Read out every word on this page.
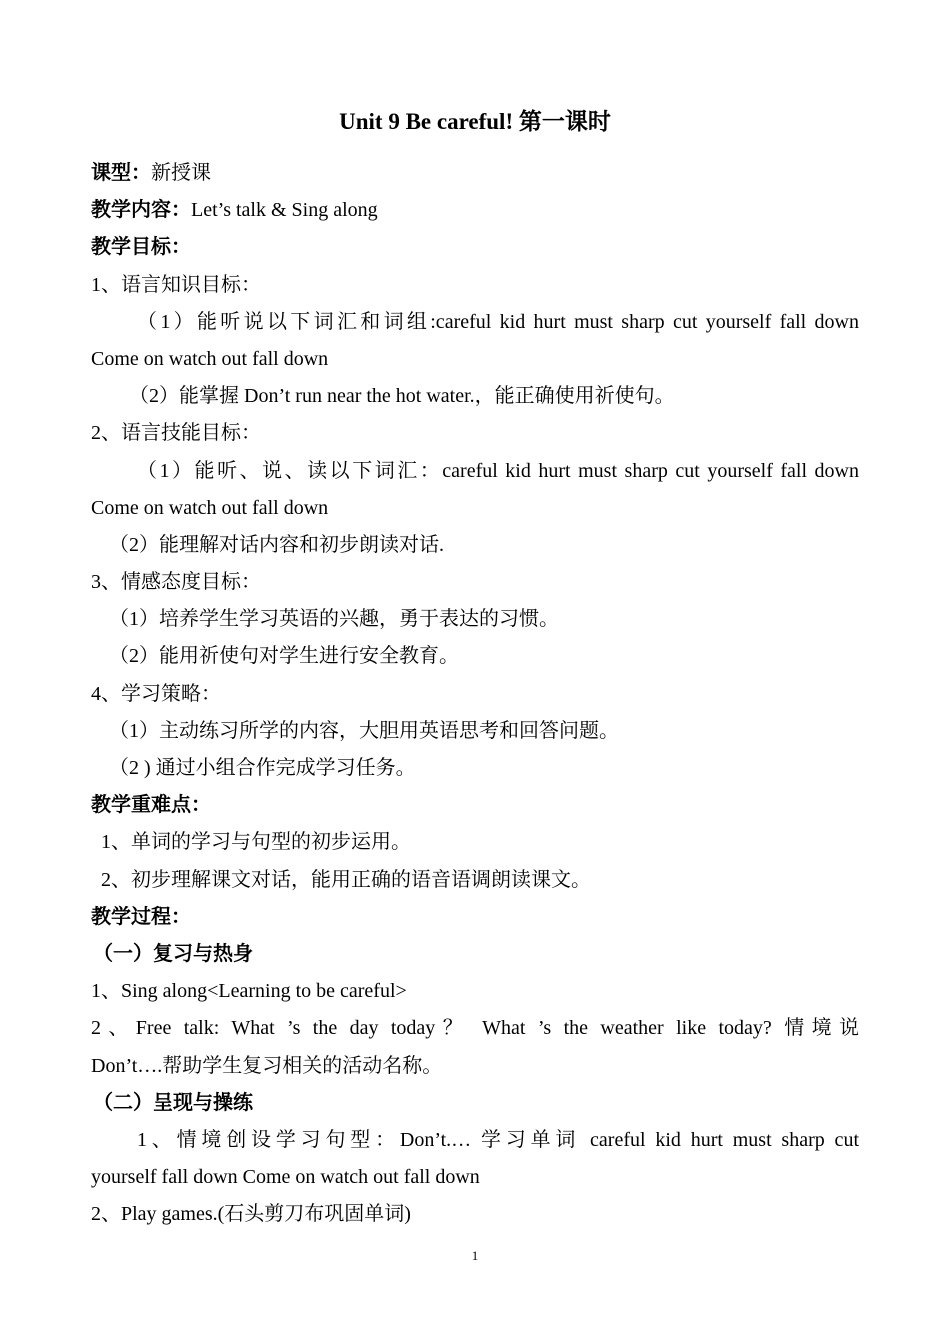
Unit 9 Be careful! 第一课时
课型：新授课
教学内容：Let’s talk & Sing along
教学目标：
1、语言知识目标：
（1）能听说以下词汇和词组:careful kid hurt must sharp cut yourself fall down
Come on watch out fall down
（2）能掌握 Don’t run near the hot water.，能正确使用祈使句。
2、语言技能目标：
（1）能听、说、读以下词汇：careful kid hurt must sharp cut yourself fall down
Come on watch out fall down
（2）能理解对话内容和初步朗读对话.
3、情感态度目标：
（1）培养学生学习英语的兴趣，勇于表达的习惯。
（2）能用祈使句对学生进行安全教育。
4、学习策略：
（1）主动练习所学的内容，大胆用英语思考和回答问题。
（2 ) 通过小组合作完成学习任务。
教学重难点：
1、单词的学习与句型的初步运用。
2、初步理解课文对话，能用正确的语音语调朗读课文。
教学过程：
（一）复习与热身
1、Sing along<Learning to be careful>
2、Free talk: What ’s the day today？ What ’s the weather like today? 情境说
Don’t….帮助学生复习相关的活动名称。
（二）呈现与操练
1、情境创设学习句型：Don’t.… 学习单词 careful kid hurt must sharp cut
yourself fall down Come on watch out fall down
2、Play games.(石头剪刀布巩固单词)
1
